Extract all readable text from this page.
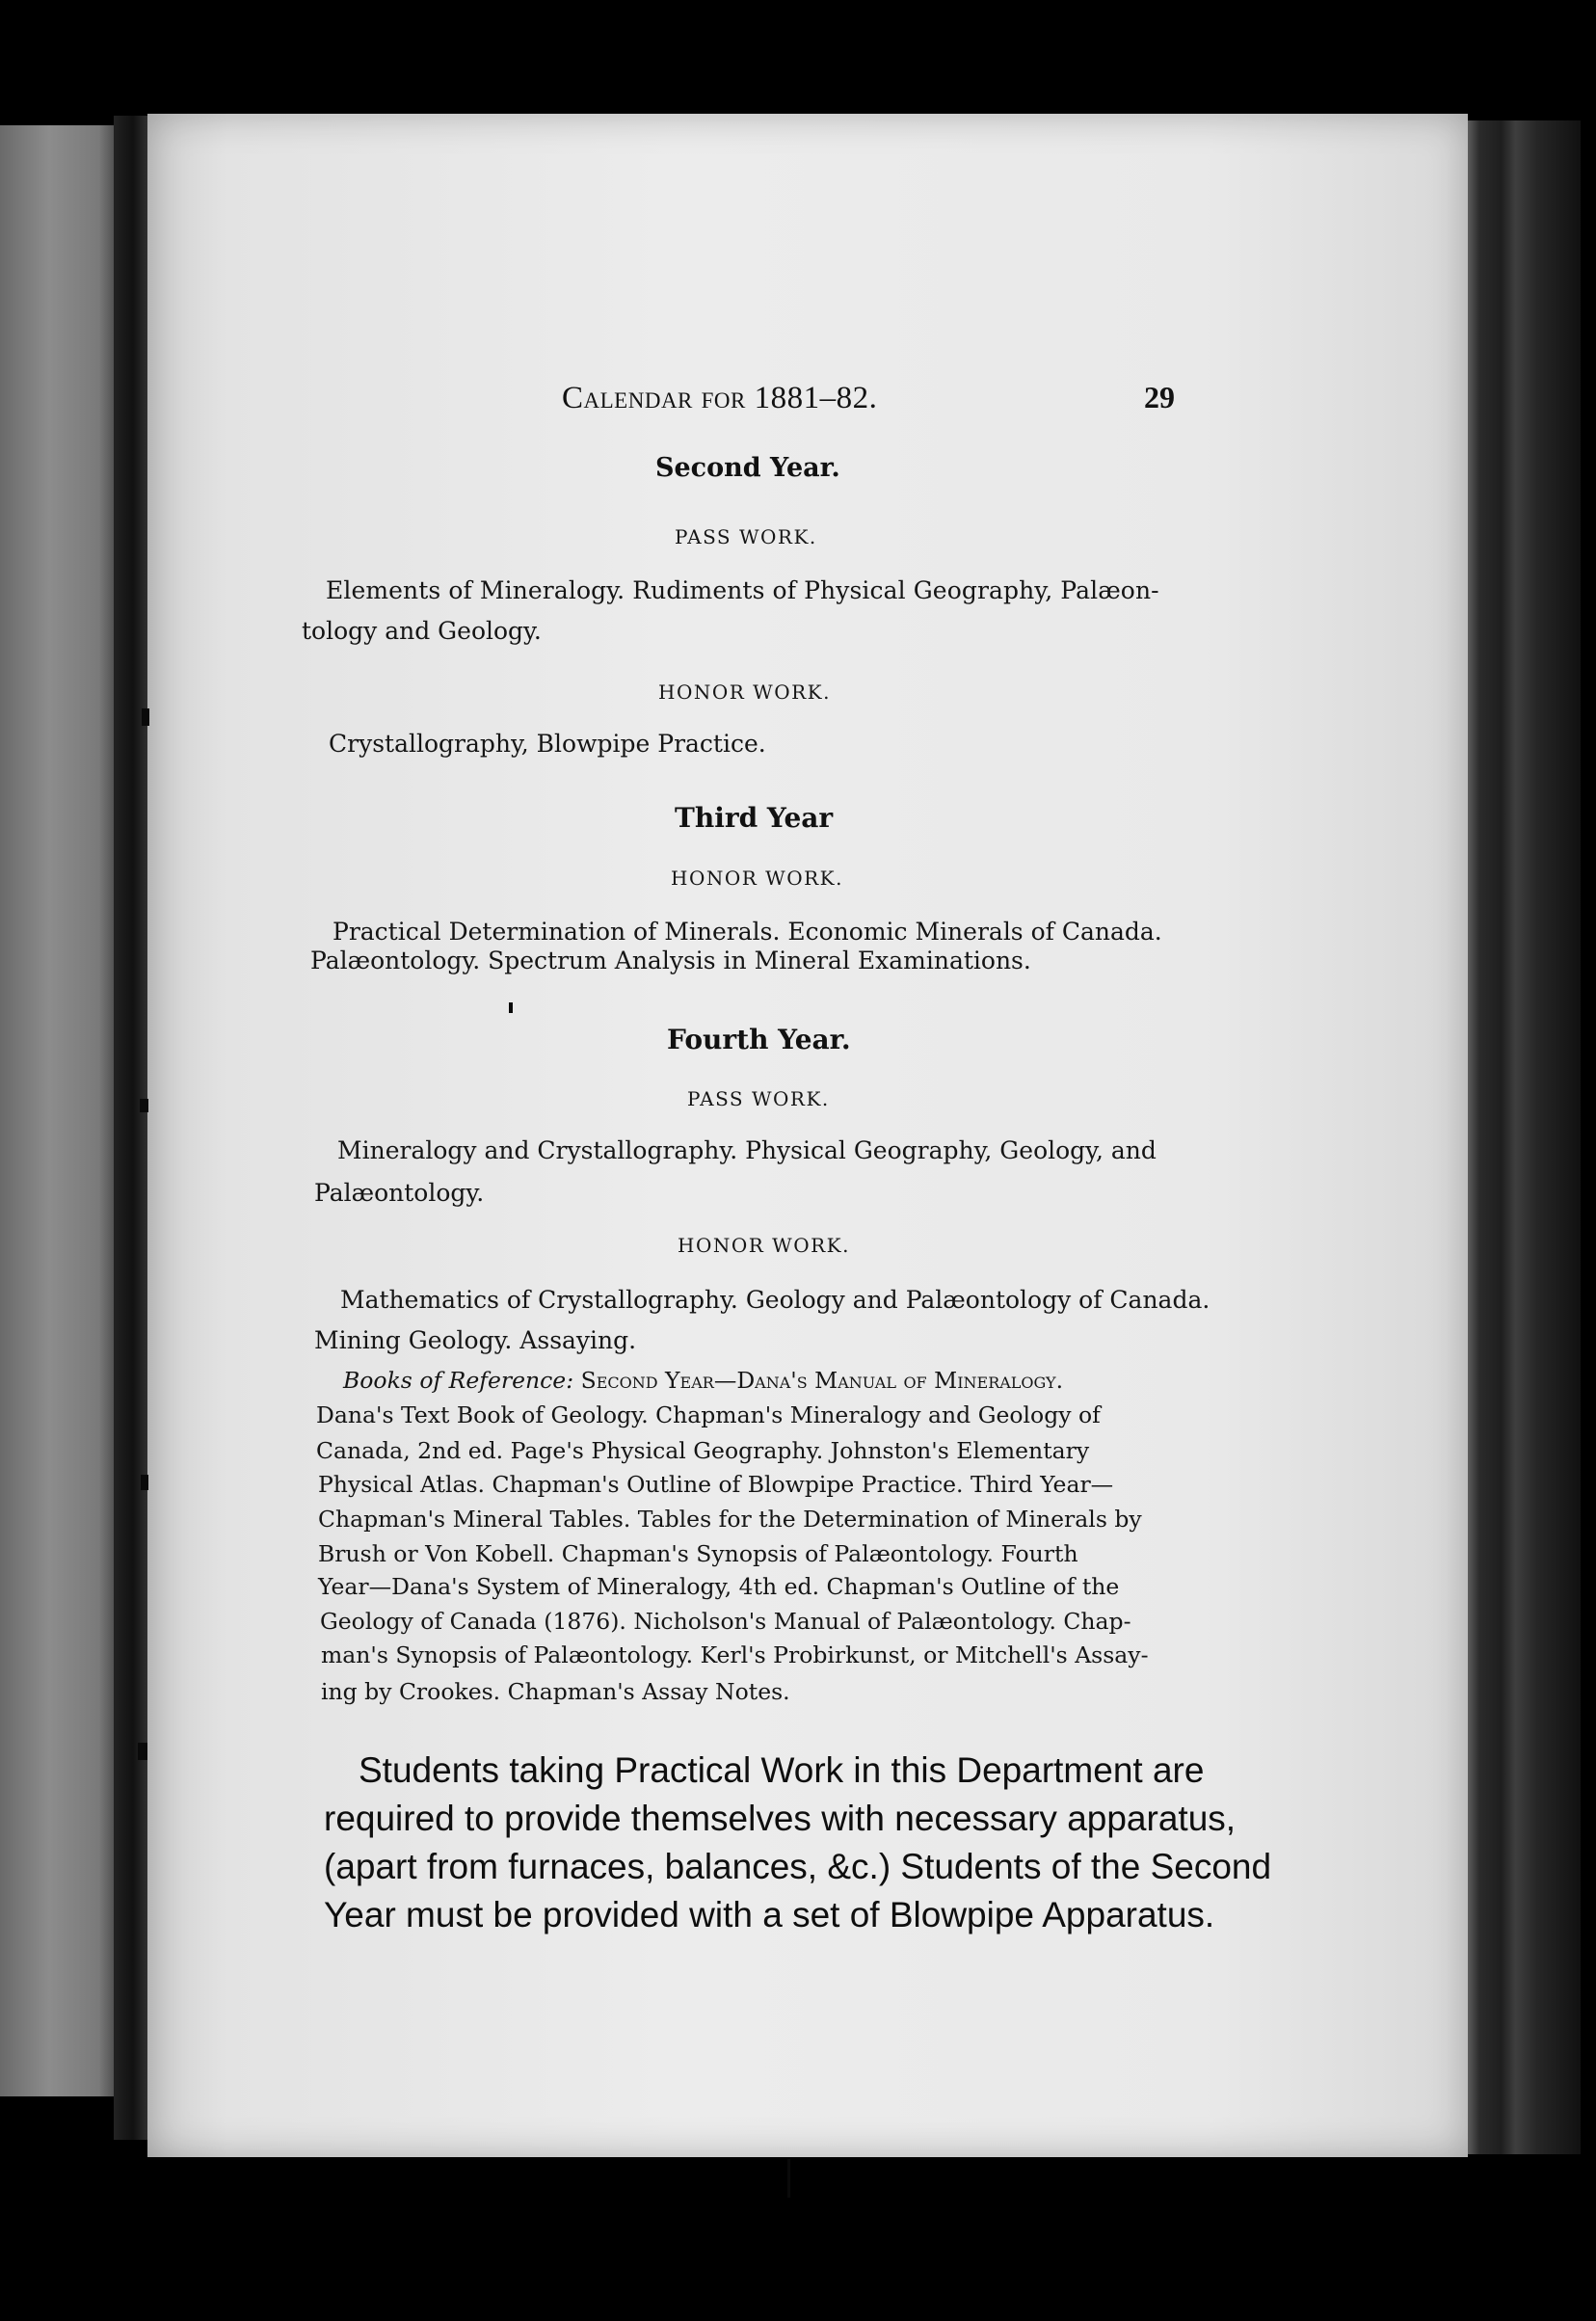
Calendar for 1881–82.	29
Second Year.
PASS WORK.
Elements of Mineralogy. Rudiments of Physical Geography, Palæon-
tology and Geology.
HONOR WORK.
Crystallography, Blowpipe Practice.
Third Year
HONOR WORK.
Practical Determination of Minerals. Economic Minerals of Canada.
Palæontology. Spectrum Analysis in Mineral Examinations.
Fourth Year.
PASS WORK.
Mineralogy and Crystallography. Physical Geography, Geology, and
Palæontology.
HONOR WORK.
Mathematics of Crystallography. Geology and Palæontology of Canada.
Mining Geology. Assaying.
Books of Reference: Second Year—Dana's Manual of Mineralogy.
Dana's Text Book of Geology. Chapman's Mineralogy and Geology of
Canada, 2nd ed. Page's Physical Geography. Johnston's Elementary
Physical Atlas. Chapman's Outline of Blowpipe Practice. Third Year—
Chapman's Mineral Tables. Tables for the Determination of Minerals by
Brush or Von Kobell. Chapman's Synopsis of Palæontology. Fourth
Year—Dana's System of Mineralogy, 4th ed. Chapman's Outline of the
Geology of Canada (1876). Nicholson's Manual of Palæontology. Chap-
man's Synopsis of Palæontology. Kerl's Probirkunst, or Mitchell's Assay-
ing by Crookes. Chapman's Assay Notes.
Students taking Practical Work in this Department are
required to provide themselves with necessary apparatus,
(apart from furnaces, balances, &c.) Students of the Second
Year must be provided with a set of Blowpipe Apparatus.
